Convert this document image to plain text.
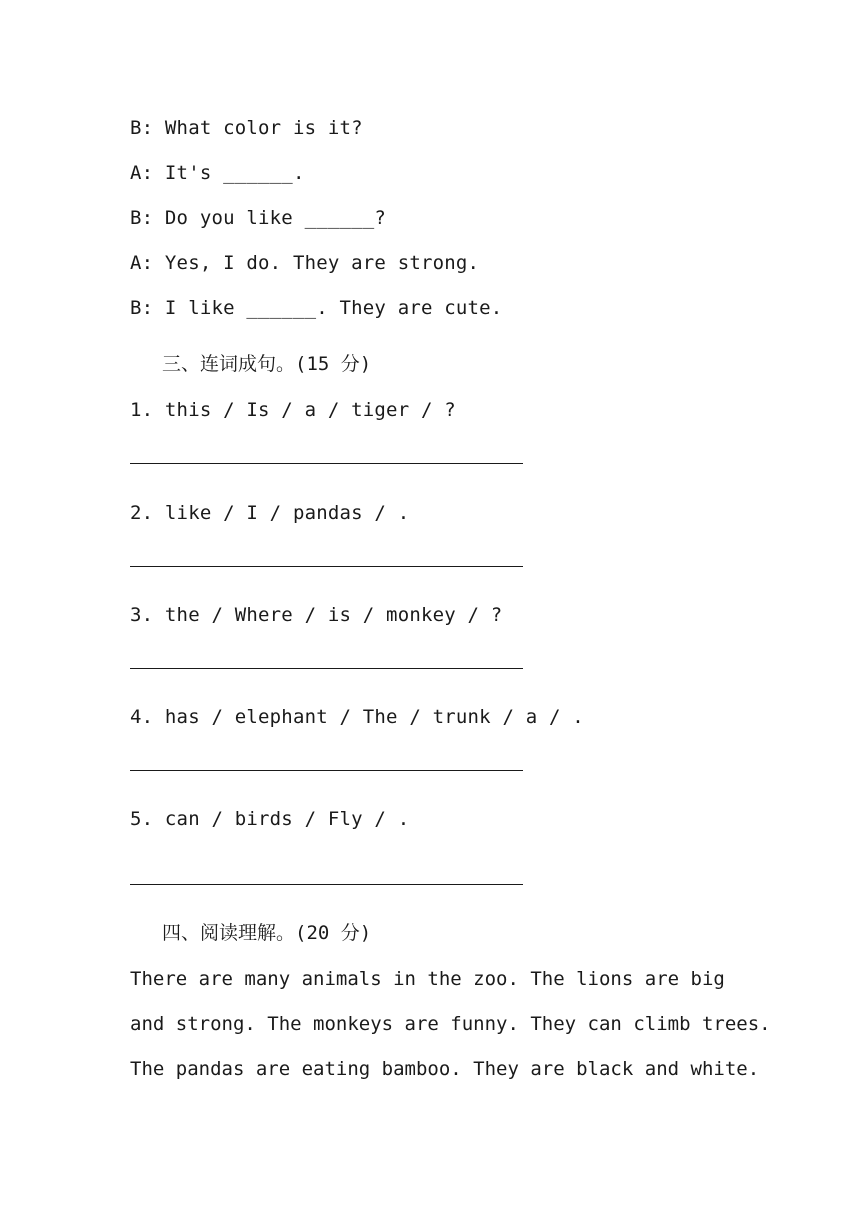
B: What color is it?
A: It's ______.
B: Do you like ______?
A: Yes, I do. They are strong.
B: I like ______. They are cute.
三、连词成句。(15 分)
1. this / Is / a / tiger / ?
2. like / I / pandas / .
3. the / Where / is / monkey / ?
4. has / elephant / The / trunk / a / .
5. can / birds / Fly / .
四、阅读理解。(20 分)
There are many animals in the zoo. The lions are big
and strong. The monkeys are funny. They can climb trees.
The pandas are eating bamboo. They are black and white.
